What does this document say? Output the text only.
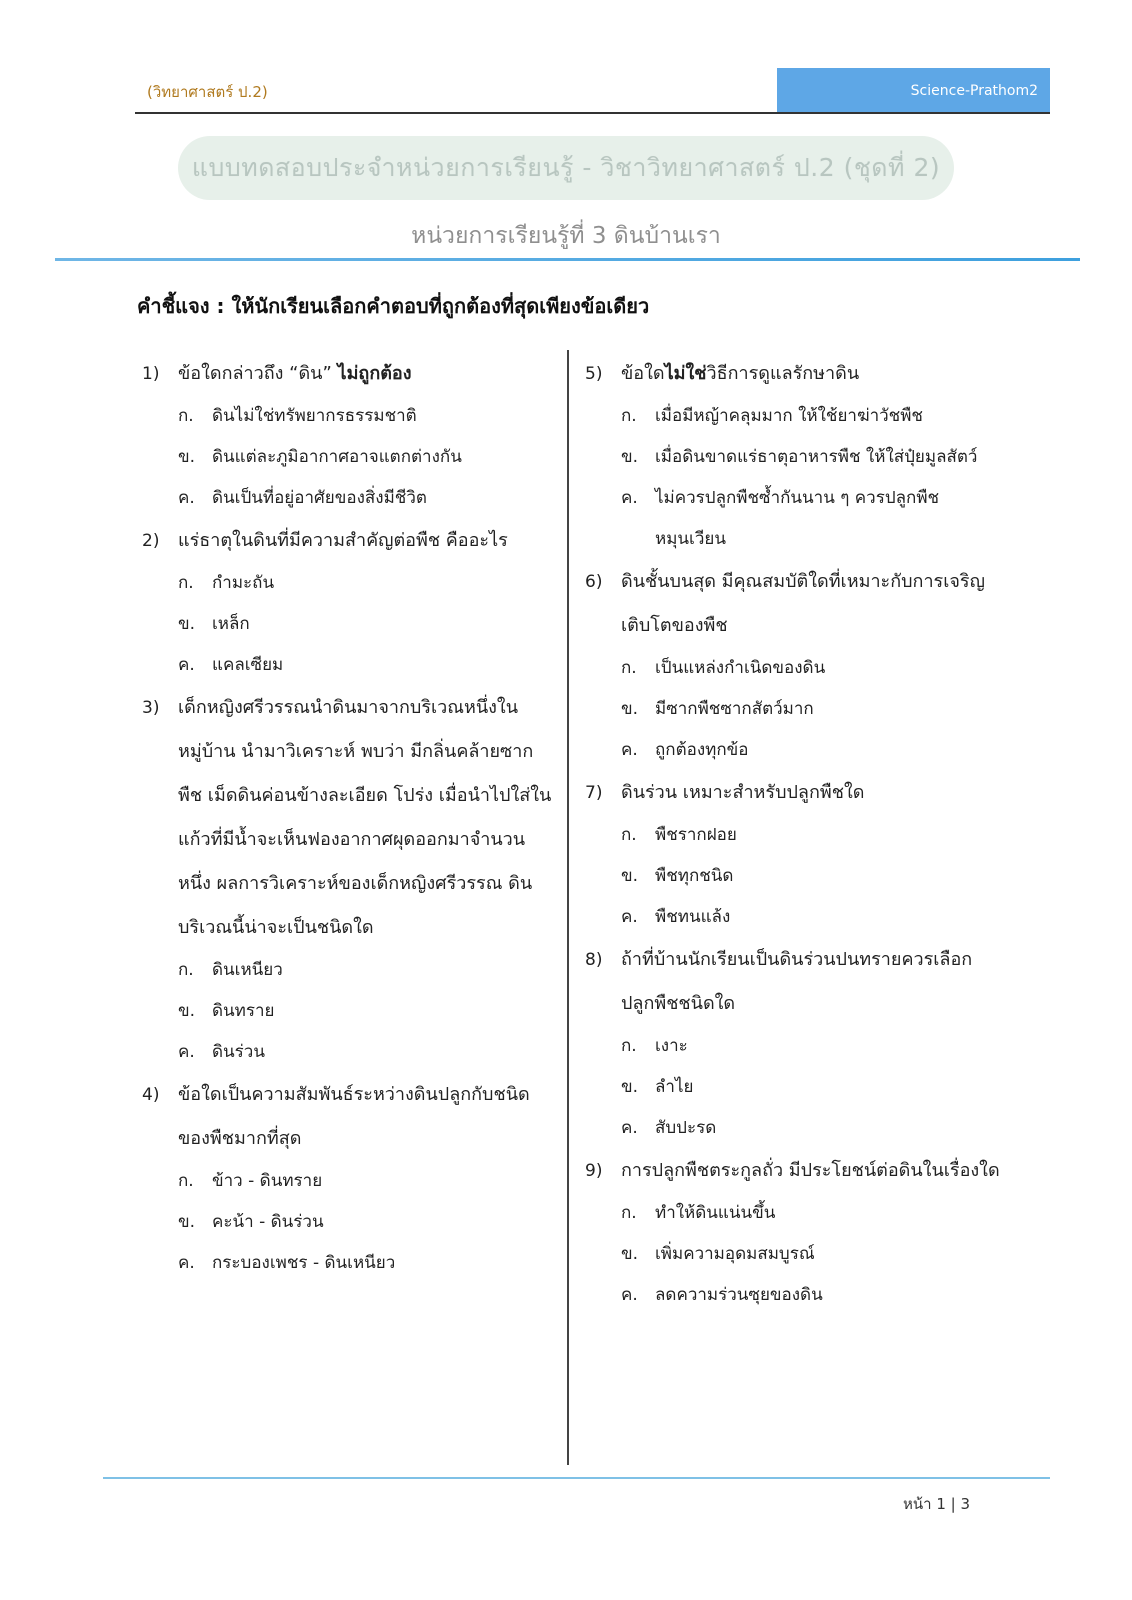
(วิทยาศาสตร์ ป.2)	Science-Prathom2
แบบทดสอบประจำหน่วยการเรียนรู้ - วิชาวิทยาศาสตร์ ป.2 (ชุดที่ 2)
หน่วยการเรียนรู้ที่ 3 ดินบ้านเรา
คำชี้แจง : ให้นักเรียนเลือกคำตอบที่ถูกต้องที่สุดเพียงข้อเดียว
1)	ข้อใดกล่าวถึง “ดิน” ไม่ถูกต้อง
ก.	ดินไม่ใช่ทรัพยากรธรรมชาติ
ข. ดินแต่ละภูมิอากาศอาจแตกต่างกัน
ค.	ดินเป็นที่อยู่อาศัยของสิ่งมีชีวิต
2)	แร่ธาตุในดินที่มีความสำคัญต่อพืช คืออะไร
ก.	กำมะถัน
ข. เหล็ก
ค.	แคลเซียม
3)	เด็กหญิงศรีวรรณนำดินมาจากบริเวณหนึ่งในหมู่บ้าน นำมาวิเคราะห์ พบว่า มีกลิ่นคล้ายซากพืช เม็ดดินค่อนข้างละเอียด โปร่ง เมื่อนำไปใส่ในแก้วที่มีน้ำจะเห็นฟองอากาศผุดออกมาจำนวนหนึ่ง ผลการวิเคราะห์ของเด็กหญิงศรีวรรณ ดินบริเวณนี้น่าจะเป็นชนิดใด
ก.	ดินเหนียว
ข. ดินทราย
ค.	ดินร่วน
4)	ข้อใดเป็นความสัมพันธ์ระหว่างดินปลูกกับชนิดของพืชมากที่สุด
ก.	ข้าว - ดินทราย
ข. คะน้า - ดินร่วน
ค.	กระบองเพชร - ดินเหนียว
5)	ข้อใดไม่ใช่วิธีการดูแลรักษาดิน
ก.	เมื่อมีหญ้าคลุมมาก ให้ใช้ยาฆ่าวัชพืช
ข. เมื่อดินขาดแร่ธาตุอาหารพืช ให้ใส่ปุ๋ยมูลสัตว์
ค.	ไม่ควรปลูกพืชซ้ำกันนาน ๆ ควรปลูกพืชหมุนเวียน
6)	ดินชั้นบนสุด มีคุณสมบัติใดที่เหมาะกับการเจริญเติบโตของพืช
ก.	เป็นแหล่งกำเนิดของดิน
ข. มีซากพืชซากสัตว์มาก
ค.	ถูกต้องทุกข้อ
7)	ดินร่วน เหมาะสำหรับปลูกพืชใด
ก.	พืชรากฝอย
ข. พืชทุกชนิด
ค.	พืชทนแล้ง
8)	ถ้าที่บ้านนักเรียนเป็นดินร่วนปนทรายควรเลือกปลูกพืชชนิดใด
ก.	เงาะ
ข. ลำไย
ค.	สับปะรด
9)	การปลูกพืชตระกูลถั่ว มีประโยชน์ต่อดินในเรื่องใด
ก.	ทำให้ดินแน่นขึ้น
ข. เพิ่มความอุดมสมบูรณ์
ค.	ลดความร่วนซุยของดิน
หน้า 1 | 3
